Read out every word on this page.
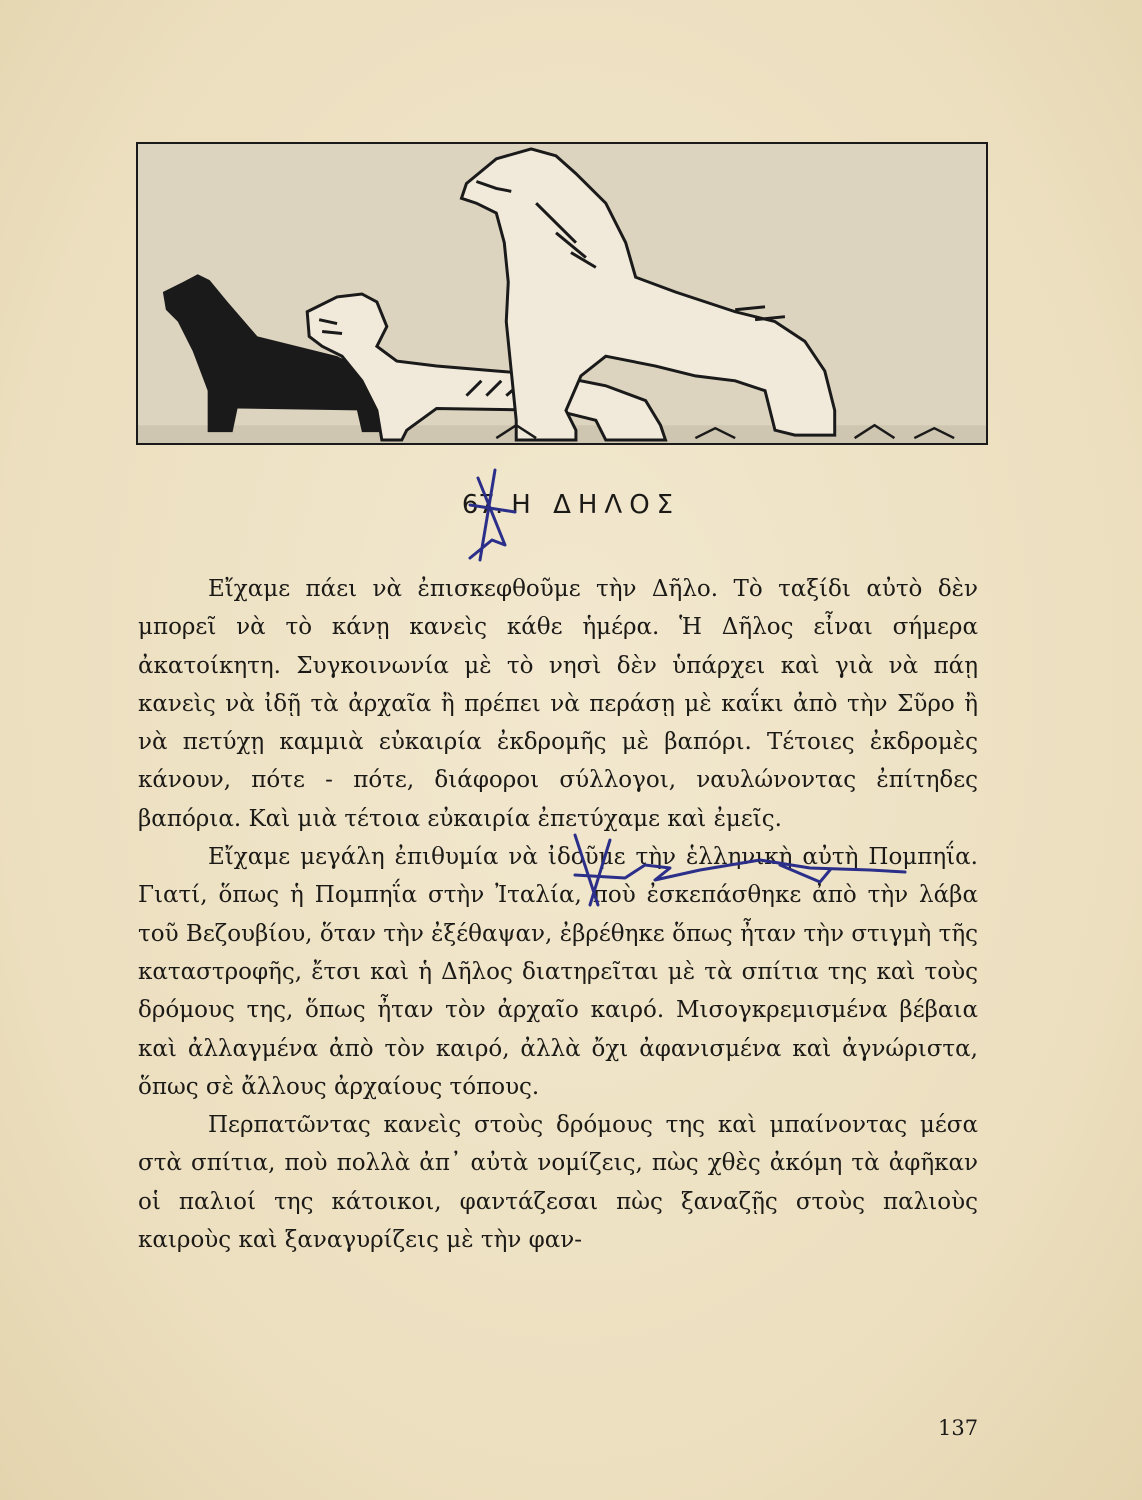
67. Η ΔΗΛΟΣ

Εἴχαμε πάει νὰ ἐπισκεφθοῦμε τὴν Δῆλο. Τὸ ταξίδι αὐτὸ δὲν μπορεῖ νὰ τὸ κάνῃ κανεὶς κάθε ἡμέρα. Ἡ Δῆλος εἶναι σήμερα ἀκατοίκητη. Συγκοινωνία μὲ τὸ νησὶ δὲν ὑπάρχει καὶ γιὰ νὰ πάῃ κανεὶς νὰ ἰδῇ τὰ ἀρχαῖα ἢ πρέπει νὰ περάσῃ μὲ καΐκι ἀπὸ τὴν Σῦρο ἢ νὰ πετύχῃ καμμιὰ εὐκαιρία ἐκδρομῆς μὲ βαπόρι. Τέτοιες ἐκδρομὲς κάνουν, πότε - πότε, διάφοροι σύλλογοι, ναυλώνοντας ἐπίτηδες βαπόρια. Καὶ μιὰ τέτοια εὐκαιρία ἐπετύχαμε καὶ ἐμεῖς.

Εἴχαμε μεγάλη ἐπιθυμία νὰ ἰδοῦμε τὴν ἑλληνικὴ αὐτὴ Πομπηΐα. Γιατί, ὅπως ἡ Πομπηΐα στὴν Ἰταλία, ποὺ ἐσκεπάσθηκε ἀπὸ τὴν λάβα τοῦ Βεζουβίου, ὅταν τὴν ἐξέθαψαν, ἐβρέθηκε ὅπως ἦταν τὴν στιγμὴ τῆς καταστροφῆς, ἔτσι καὶ ἡ Δῆλος διατηρεῖται μὲ τὰ σπίτια της καὶ τοὺς δρόμους της, ὅπως ἦταν τὸν ἀρχαῖο καιρό. Μισογκρεμισμένα βέβαια καὶ ἀλλαγμένα ἀπὸ τὸν καιρό, ἀλλὰ ὄχι ἀφανισμένα καὶ ἀγνώριστα, ὅπως σὲ ἄλλους ἀρχαίους τόπους.

Περπατῶντας κανεὶς στοὺς δρόμους της καὶ μπαίνοντας μέσα στὰ σπίτια, ποὺ πολλὰ ἀπ᾽ αὐτὰ νομίζεις, πὼς χθὲς ἀκόμη τὰ ἀφῆκαν οἱ παλιοί της κάτοικοι, φαντάζεσαι πὼς ξαναζῇς στοὺς παλιοὺς καιροὺς καὶ ξαναγυρίζεις μὲ τὴν φαν-

137
